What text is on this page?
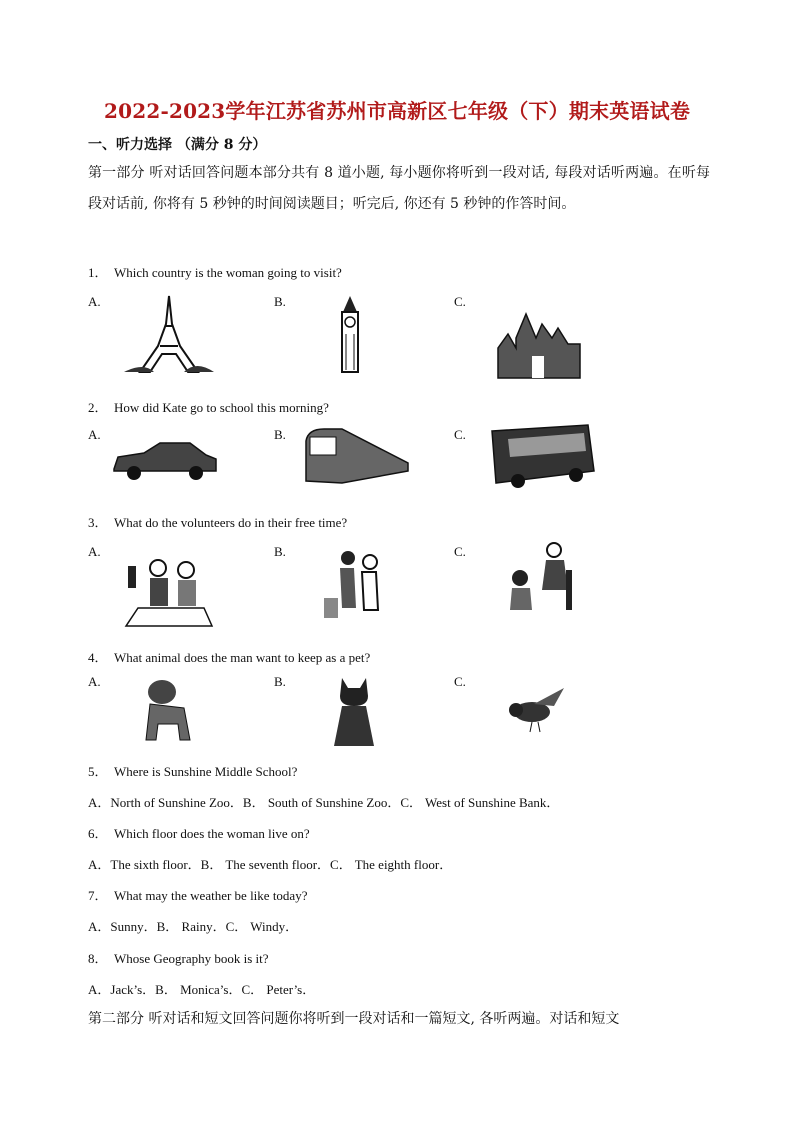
2022-2023学年江苏省苏州市高新区七年级（下）期末英语试卷
一、听力选择 （满分 8 分）
第一部分 听对话回答问题本部分共有 8 道小题, 每小题你将听到一段对话, 每段对话听两遍。在听每段对话前, 你将有 5 秒钟的时间阅读题目；听完后, 你还有 5 秒钟的作答时间。
1． Which country is the woman going to visit?
A.	B.	C.
2． How did Kate go to school this morning?
A.	B.	C.
3． What do the volunteers do in their free time?
A.	B.	C.
4． What animal does the man want to keep as a pet?
A.	B.	C.
5． Where is Sunshine Middle School?
A．North of Sunshine Zoo．B． South of Sunshine Zoo．C． West of Sunshine Bank．
6． Which floor does the woman live on?
A．The sixth floor．B． The seventh floor．C． The eighth floor．
7． What may the weather be like today?
A．Sunny．B． Rainy．C． Windy．
8． Whose Geography book is it?
A．Jack’s．B． Monica’s．C． Peter’s．
第二部分 听对话和短文回答问题你将听到一段对话和一篇短文, 各听两遍。对话和短文
